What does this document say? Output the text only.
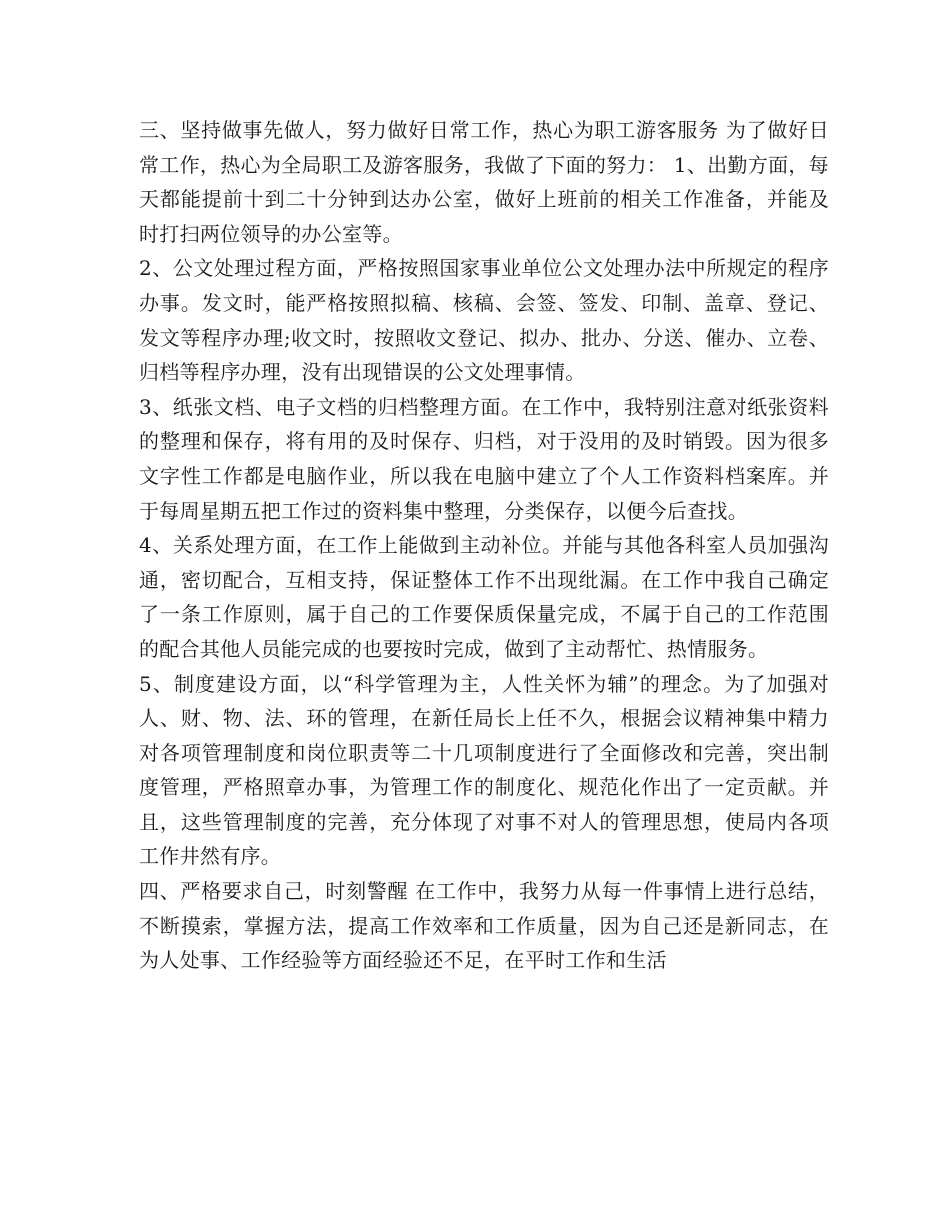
三、坚持做事先做人，努力做好日常工作，热心为职工游客服务 为了做好日常工作，热心为全局职工及游客服务，我做了下面的努力： 1、出勤方面，每天都能提前十到二十分钟到达办公室，做好上班前的相关工作准备，并能及时打扫两位领导的办公室等。

2、公文处理过程方面，严格按照国家事业单位公文处理办法中所规定的程序办事。发文时，能严格按照拟稿、核稿、会签、签发、印制、盖章、登记、发文等程序办理;收文时，按照收文登记、拟办、批办、分送、催办、立卷、归档等程序办理，没有出现错误的公文处理事情。

3、纸张文档、电子文档的归档整理方面。在工作中，我特别注意对纸张资料的整理和保存，将有用的及时保存、归档，对于没用的及时销毁。因为很多文字性工作都是电脑作业，所以我在电脑中建立了个人工作资料档案库。并于每周星期五把工作过的资料集中整理，分类保存，以便今后查找。

4、关系处理方面，在工作上能做到主动补位。并能与其他各科室人员加强沟通，密切配合，互相支持，保证整体工作不出现纰漏。在工作中我自己确定了一条工作原则，属于自己的工作要保质保量完成，不属于自己的工作范围的配合其他人员能完成的也要按时完成，做到了主动帮忙、热情服务。

5、制度建设方面，以“科学管理为主，人性关怀为辅”的理念。为了加强对人、财、物、法、环的管理，在新任局长上任不久，根据会议精神集中精力对各项管理制度和岗位职责等二十几项制度进行了全面修改和完善，突出制度管理，严格照章办事，为管理工作的制度化、规范化作出了一定贡献。并且，这些管理制度的完善，充分体现了对事不对人的管理思想，使局内各项工作井然有序。

四、严格要求自己，时刻警醒 在工作中，我努力从每一件事情上进行总结，不断摸索，掌握方法，提高工作效率和工作质量，因为自己还是新同志，在为人处事、工作经验等方面经验还不足，在平时工作和生活
